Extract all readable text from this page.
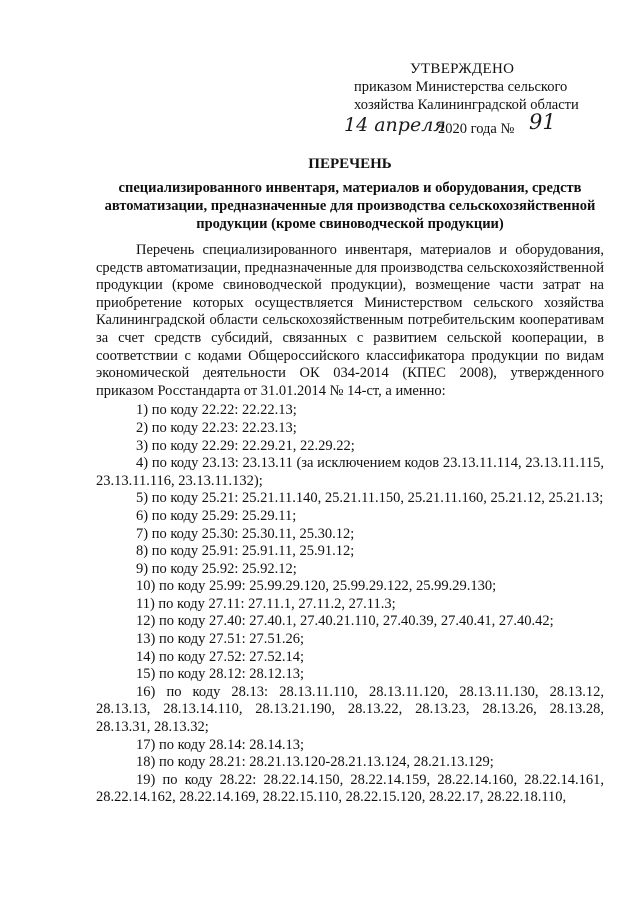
УТВЕРЖДЕНО
приказом Министерства сельского
хозяйства Калининградской области
14 апреля
2020 года № 91
ПЕРЕЧЕНЬ
специализированного инвентаря, материалов и оборудования, средств автоматизации, предназначенные для производства сельскохозяйственной продукции (кроме свиноводческой продукции)

Перечень специализированного инвентаря, материалов и оборудования, средств автоматизации, предназначенные для производства сельскохозяйственной продукции (кроме свиноводческой продукции), возмещение части затрат на приобретение которых осуществляется Министерством сельского хозяйства Калининградской области сельскохозяйственным потребительским кооперативам за счет средств субсидий, связанных с развитием сельской кооперации, в соответствии с кодами Общероссийского классификатора продукции по видам экономической деятельности ОК 034-2014 (КПЕС 2008), утвержденного приказом Росстандарта от 31.01.2014 № 14-ст, а именно:

1) по коду 22.22: 22.22.13;

2) по коду 22.23: 22.23.13;

3) по коду 22.29: 22.29.21, 22.29.22;

4) по коду 23.13: 23.13.11 (за исключением кодов 23.13.11.114, 23.13.11.115, 23.13.11.116, 23.13.11.132);

5) по коду 25.21: 25.21.11.140, 25.21.11.150, 25.21.11.160, 25.21.12, 25.21.13;

6) по коду 25.29: 25.29.11;

7) по коду 25.30: 25.30.11, 25.30.12;

8) по коду 25.91: 25.91.11, 25.91.12;

9) по коду 25.92: 25.92.12;

10) по коду 25.99: 25.99.29.120, 25.99.29.122, 25.99.29.130;

11) по коду 27.11: 27.11.1, 27.11.2, 27.11.3;

12) по коду 27.40: 27.40.1, 27.40.21.110, 27.40.39, 27.40.41, 27.40.42;

13) по коду 27.51: 27.51.26;

14) по коду 27.52: 27.52.14;

15) по коду 28.12: 28.12.13;

16) по коду 28.13: 28.13.11.110, 28.13.11.120, 28.13.11.130, 28.13.12, 28.13.13, 28.13.14.110, 28.13.21.190, 28.13.22, 28.13.23, 28.13.26, 28.13.28, 28.13.31, 28.13.32;

17) по коду 28.14: 28.14.13;

18) по коду 28.21: 28.21.13.120-28.21.13.124, 28.21.13.129;

19) по коду 28.22: 28.22.14.150, 28.22.14.159, 28.22.14.160, 28.22.14.161, 28.22.14.162, 28.22.14.169, 28.22.15.110, 28.22.15.120, 28.22.17, 28.22.18.110,
